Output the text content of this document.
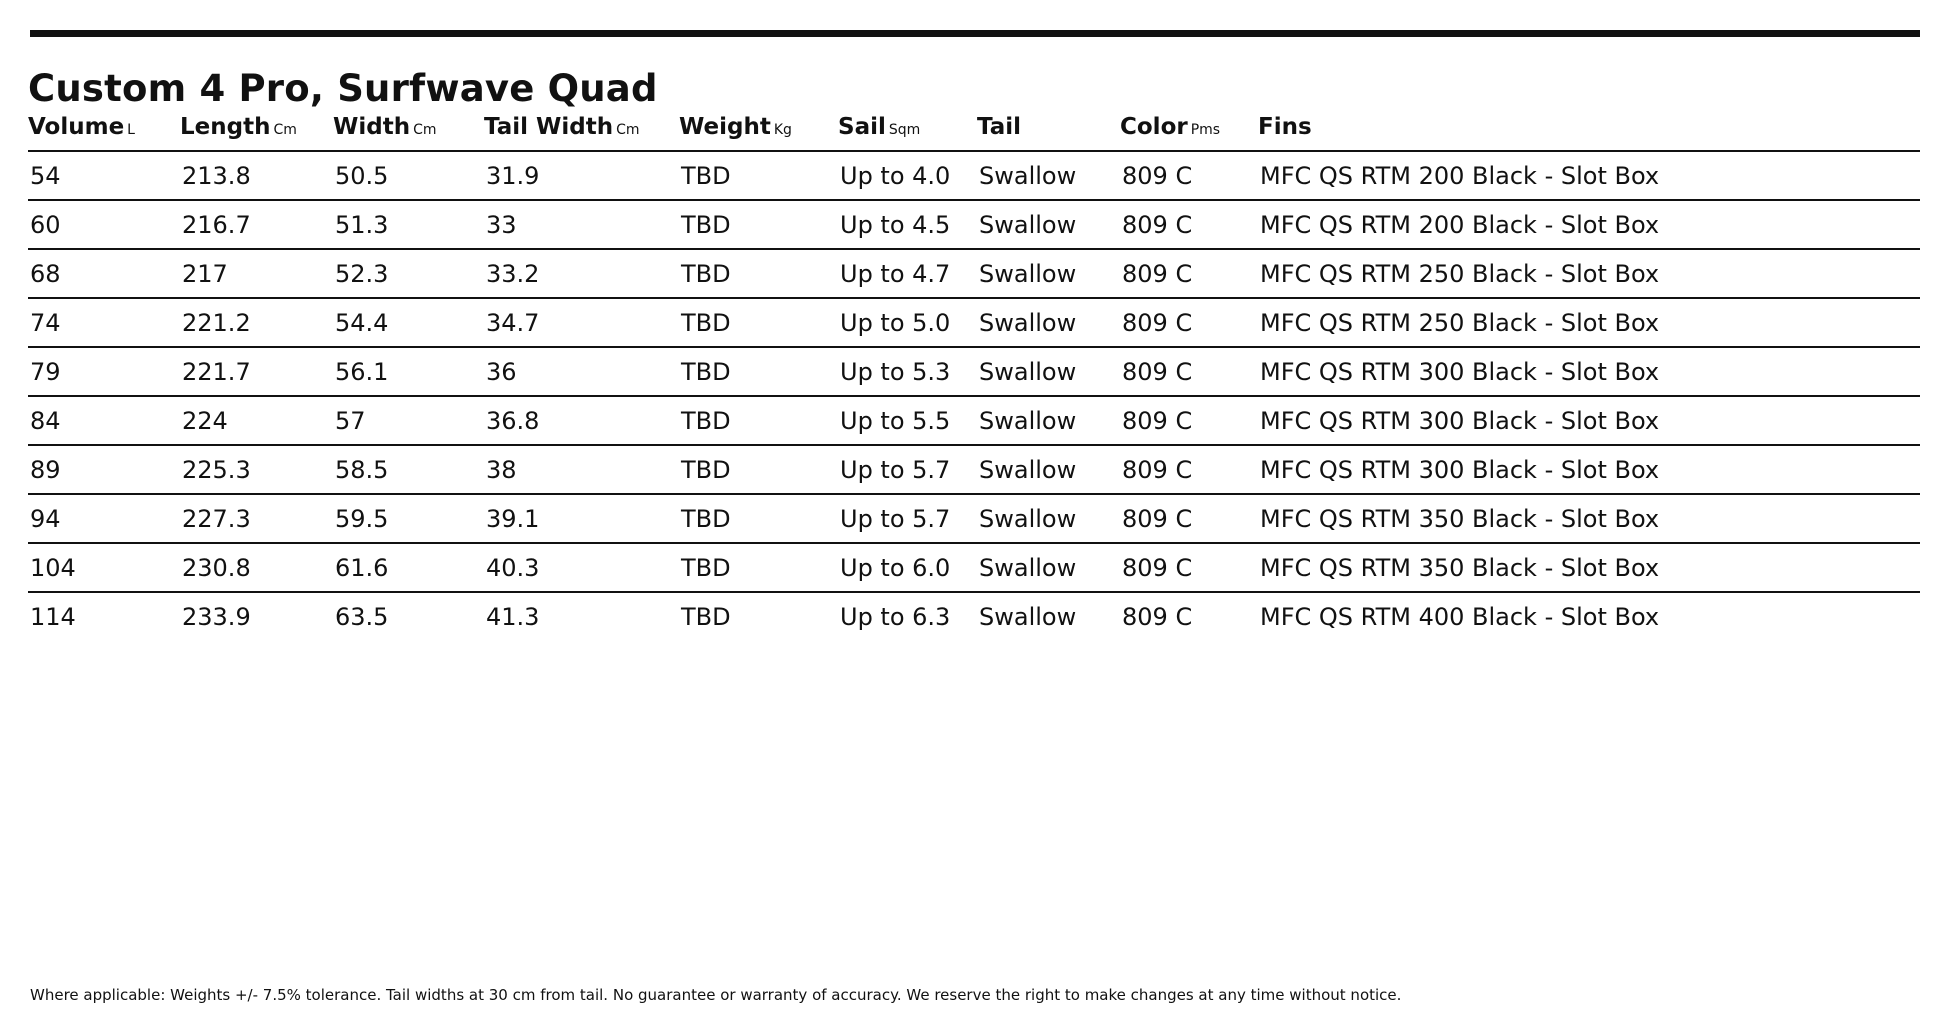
Custom 4 Pro, Surfwave Quad
Volume L	Length Cm	Width Cm	Tail Width Cm	Weight Kg	Sail Sqm	Tail	Color Pms	Fins
54	213.8	50.5	31.9	TBD	Up to 4.0	Swallow	809 C	MFC QS RTM 200 Black - Slot Box
60	216.7	51.3	33	TBD	Up to 4.5	Swallow	809 C	MFC QS RTM 200 Black - Slot Box
68	217	52.3	33.2	TBD	Up to 4.7	Swallow	809 C	MFC QS RTM 250 Black - Slot Box
74	221.2	54.4	34.7	TBD	Up to 5.0	Swallow	809 C	MFC QS RTM 250 Black - Slot Box
79	221.7	56.1	36	TBD	Up to 5.3	Swallow	809 C	MFC QS RTM 300 Black - Slot Box
84	224	57	36.8	TBD	Up to 5.5	Swallow	809 C	MFC QS RTM 300 Black - Slot Box
89	225.3	58.5	38	TBD	Up to 5.7	Swallow	809 C	MFC QS RTM 300 Black - Slot Box
94	227.3	59.5	39.1	TBD	Up to 5.7	Swallow	809 C	MFC QS RTM 350 Black - Slot Box
104	230.8	61.6	40.3	TBD	Up to 6.0	Swallow	809 C	MFC QS RTM 350 Black - Slot Box
114	233.9	63.5	41.3	TBD	Up to 6.3	Swallow	809 C	MFC QS RTM 400 Black - Slot Box
Where applicable: Weights +/- 7.5% tolerance. Tail widths at 30 cm from tail. No guarantee or warranty of accuracy. We reserve the right to make changes at any time without notice.
